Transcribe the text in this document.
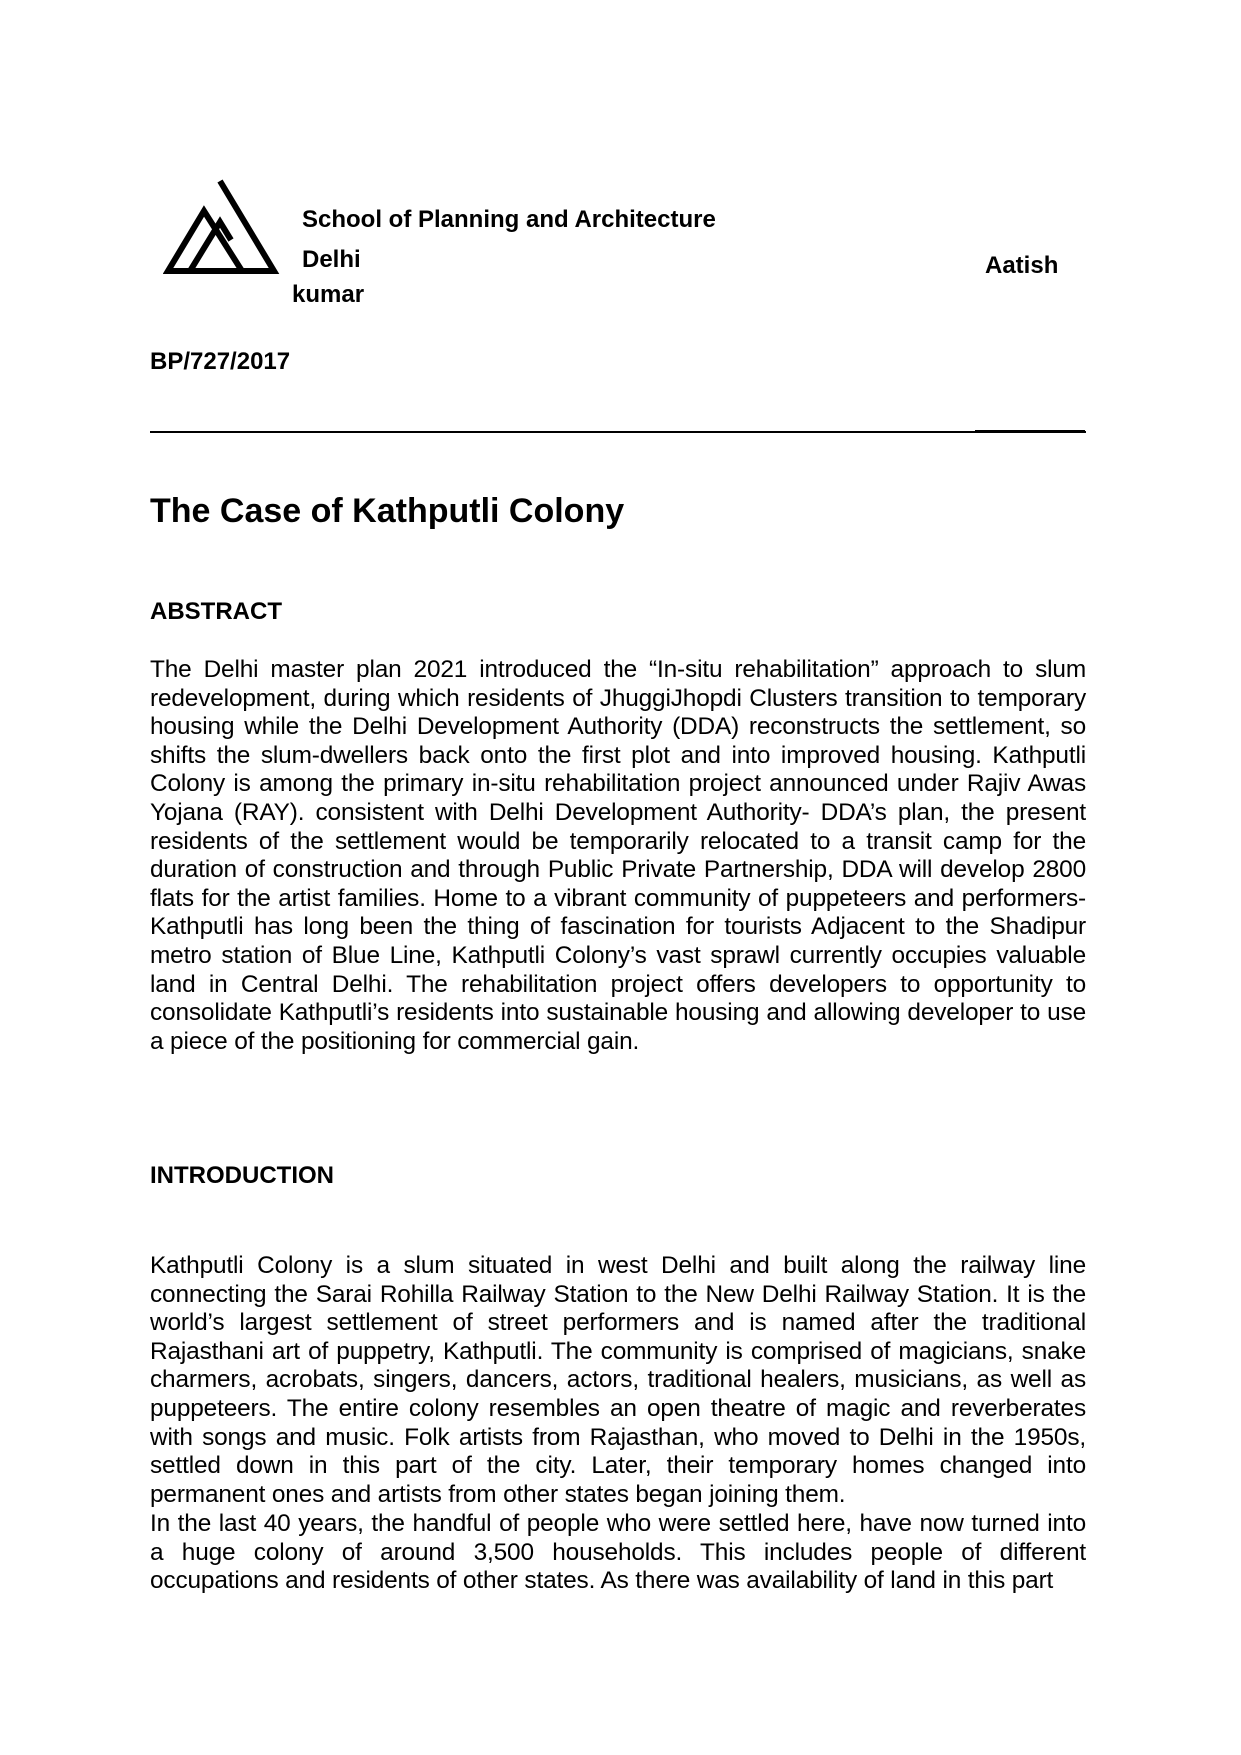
School of Planning and Architecture
Delhi	Aatish
kumar
BP/727/2017
The Case of Kathputli Colony
ABSTRACT

The Delhi master plan 2021 introduced the “In-situ rehabilitation” approach to slum redevelopment, during which residents of JhuggiJhopdi Clusters transition to temporary housing while the Delhi Development Authority (DDA) reconstructs the settlement, so shifts the slum-dwellers back onto the first plot and into improved housing. Kathputli Colony is among the primary in-situ rehabilitation project announced under Rajiv Awas Yojana (RAY). consistent with Delhi Development Authority- DDA’s plan, the present residents of the settlement would be temporarily relocated to a transit camp for the duration of construction and through Public Private Partnership, DDA will develop 2800 flats for the artist families. Home to a vibrant community of puppeteers and performers- Kathputli has long been the thing of fascination for tourists Adjacent to the Shadipur metro station of Blue Line, Kathputli Colony’s vast sprawl currently occupies valuable land in Central Delhi. The rehabilitation project offers developers to opportunity to consolidate Kathputli’s residents into sustainable housing and allowing developer to use a piece of the positioning for commercial gain.

INTRODUCTION

Kathputli Colony is a slum situated in west Delhi and built along the railway line connecting the Sarai Rohilla Railway Station to the New Delhi Railway Station. It is the world’s largest settlement of street performers and is named after the traditional Rajasthani art of puppetry, Kathputli. The community is comprised of magicians, snake charmers, acrobats, singers, dancers, actors, traditional healers, musicians, as well as puppeteers. The entire colony resembles an open theatre of magic and reverberates with songs and music. Folk artists from Rajasthan, who moved to Delhi in the 1950s, settled down in this part of the city. Later, their temporary homes changed into permanent ones and artists from other states began joining them.

In the last 40 years, the handful of people who were settled here, have now turned into a huge colony of around 3,500 households. This includes people of different occupations and residents of other states. As there was availability of land in this part
